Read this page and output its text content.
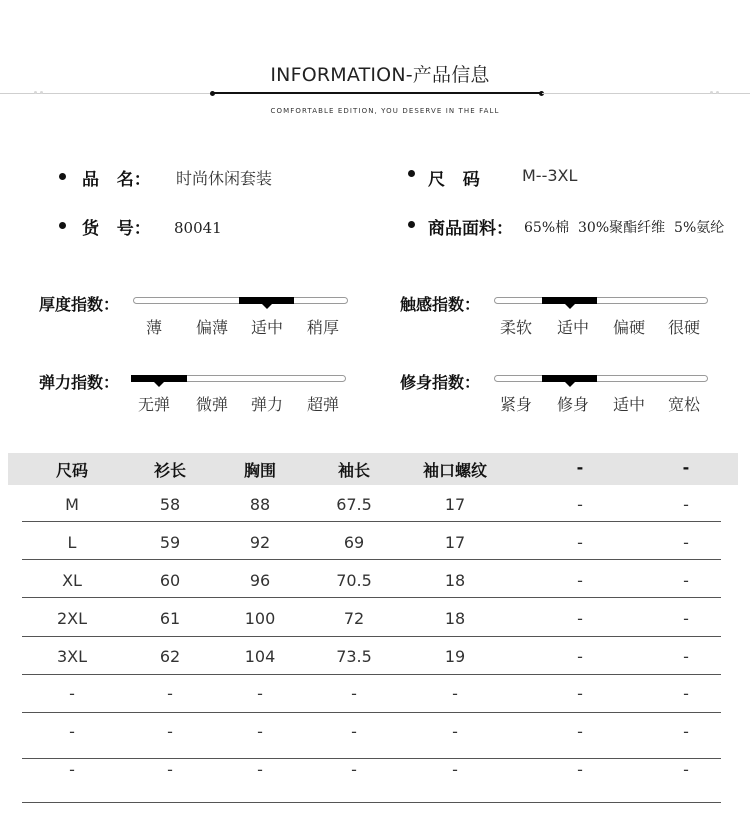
INFORMATION-产品信息
COMFORTABLE EDITION, YOU DESERVE IN THE FALL
品   名： 时尚休闲套装	尺   码	M--3XL
货   号： 80041	商品面料： 65%棉  30%聚酯纤维  5%氨纶
厚度指数：
薄	偏薄	适中	稍厚
触感指数：
柔软	适中	偏硬	很硬
弹力指数：
无弹	微弹	弹力	超弹
修身指数：
紧身	修身	适中	宽松
尺码	衫长	胸围	袖长	袖口螺纹	-	-
M	58	88	67.5	17	-	-
L	59	92	69	17	-	-
XL	60	96	70.5	18	-	-
2XL	61	100	72	18	-	-
3XL	62	104	73.5	19	-	-
-	-	-	-	-	-	-
-	-	-	-	-	-	-
-	-	-	-	-	-	-
